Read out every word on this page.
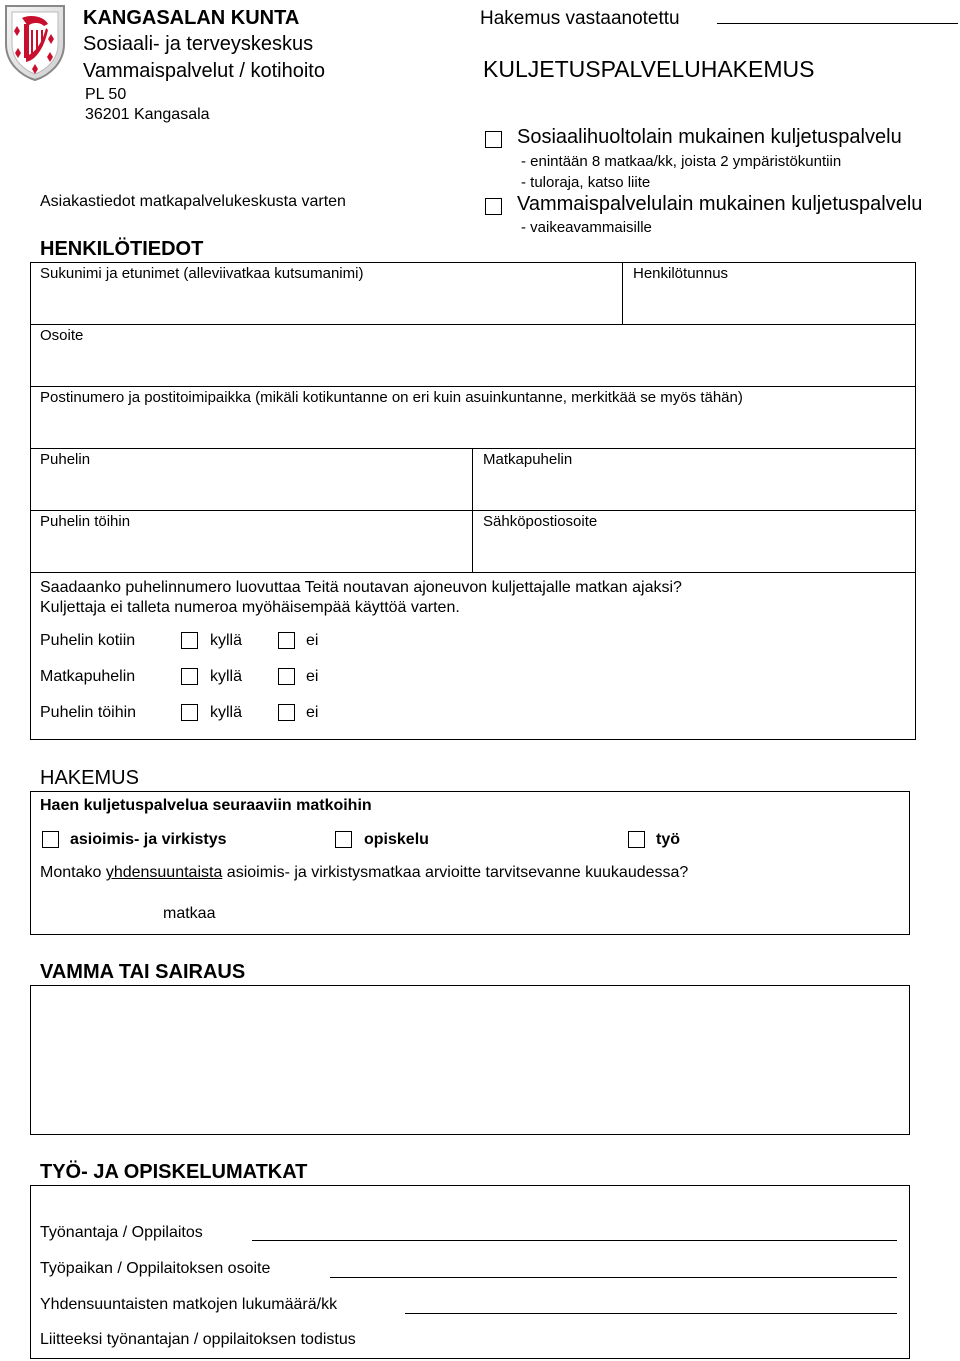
KANGASALAN KUNTA
Sosiaali- ja terveyskeskus
Vammaispalvelut / kotihoito
PL 50
36201 Kangasala
Asiakastiedot matkapalvelukeskusta varten
Hakemus vastaanotettu
KULJETUSPALVELUHAKEMUS
Sosiaalihuoltolain mukainen kuljetuspalvelu
- enintään 8 matkaa/kk, joista 2 ympäristökuntiin
- tuloraja, katso liite
Vammaispalvelulain mukainen kuljetuspalvelu
- vaikeavammaisille
HENKILÖTIEDOT
Sukunimi ja etunimet (alleviivatkaa kutsumanimi)	Henkilötunnus
Osoite
Postinumero ja postitoimipaikka (mikäli kotikuntanne on eri kuin asuinkuntanne, merkitkää se myös tähän)
Puhelin	Matkapuhelin
Puhelin töihin	Sähköpostiosoite
Saadaanko puhelinnumero luovuttaa Teitä noutavan ajoneuvon kuljettajalle matkan ajaksi?
Kuljettaja ei talleta numeroa myöhäisempää käyttöä varten.
Puhelin kotiin	kyllä	ei
Matkapuhelin	kyllä	ei
Puhelin töihin	kyllä	ei
HAKEMUS
Haen kuljetuspalvelua seuraaviin matkoihin
asioimis- ja virkistys	opiskelu	työ
Montako yhdensuuntaista asioimis- ja virkistysmatkaa arvioitte tarvitsevanne kuukaudessa?
matkaa
VAMMA TAI SAIRAUS
TYÖ- JA OPISKELUMATKAT
Työnantaja / Oppilaitos
Työpaikan / Oppilaitoksen osoite
Yhdensuuntaisten matkojen lukumäärä/kk
Liitteeksi työnantajan / oppilaitoksen todistus
